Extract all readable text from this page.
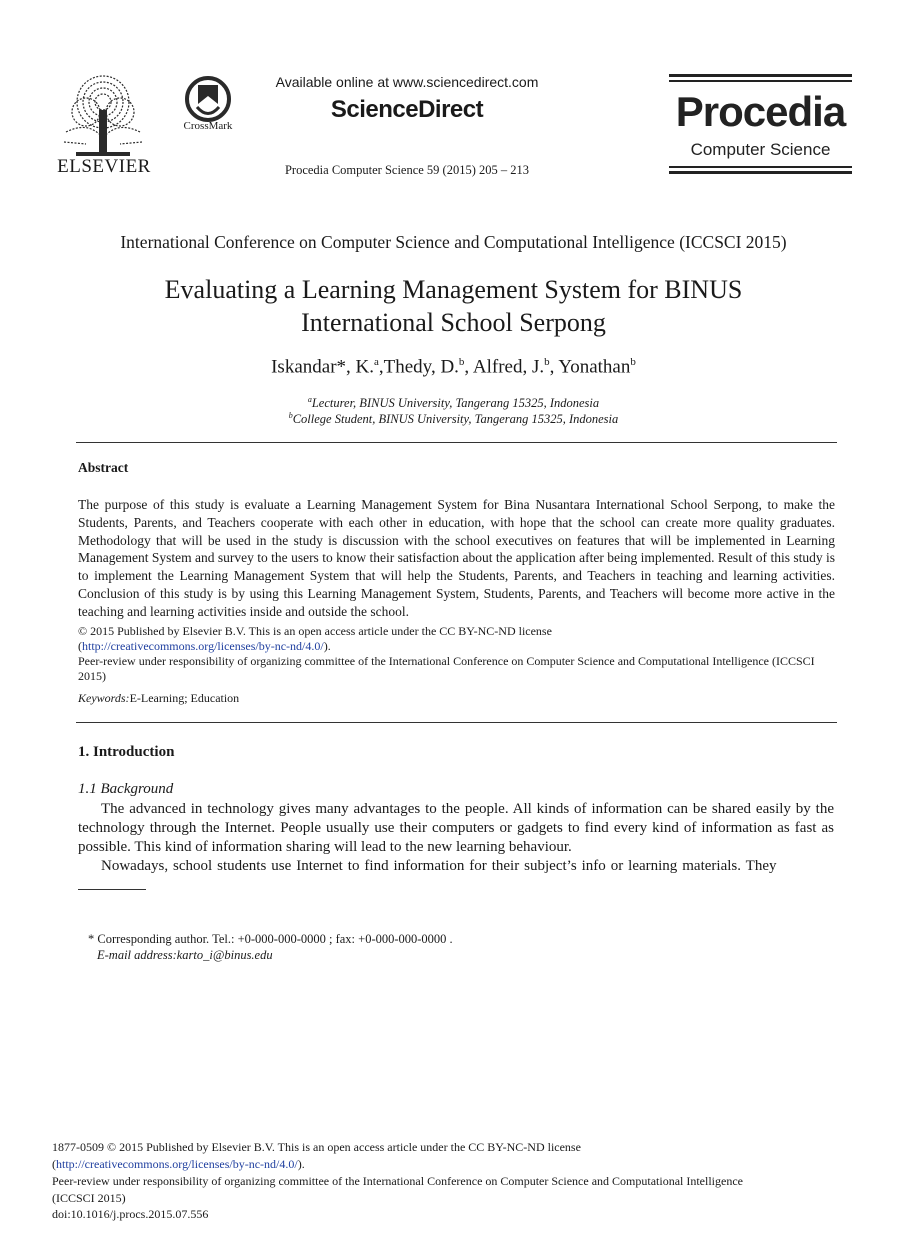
ELSEVIER
CrossMark
Available online at www.sciencedirect.com
ScienceDirect
Procedia Computer Science 59 (2015) 205 – 213
Procedia
Computer Science
International Conference on Computer Science and Computational Intelligence (ICCSCI 2015)
Evaluating a Learning Management System for BINUS
International School Serpong
Iskandar*, K.$^a$,Thedy, D.$^b$, Alfred, J.$^b$, Yonathan$^b$
$^a$Lecturer, BINUS University, Tangerang 15325, Indonesia
$^b$College Student, BINUS University, Tangerang 15325, Indonesia
Abstract
The purpose of this study is evaluate a Learning Management System for Bina Nusantara International School Serpong, to make the Students, Parents, and Teachers cooperate with each other in education, with hope that the school can create more quality graduates. Methodology that will be used in the study is discussion with the school executives on features that will be implemented in Learning Management System and survey to the users to know their satisfaction about the application after being implemented. Result of this study is to implement the Learning Management System that will help the Students, Parents, and Teachers in teaching and learning activities. Conclusion of this study is by using this Learning Management System, Students, Parents, and Teachers will become more active in the teaching and learning activities inside and outside the school.
© 2015 Published by Elsevier B.V. This is an open access article under the CC BY-NC-ND license
(http://creativecommons.org/licenses/by-nc-nd/4.0/).
Peer-review under responsibility of organizing committee of the International Conference on Computer Science and Computational Intelligence (ICCSCI 2015)
Keywords:E-Learning; Education
1. Introduction
1.1 Background
The advanced in technology gives many advantages to the people. All kinds of information can be shared easily by the technology through the Internet. People usually use their computers or gadgets to find every kind of information as fast as possible. This kind of information sharing will lead to the new learning behaviour.
Nowadays, school students use Internet to find information for their subject’s info or learning materials. They
* Corresponding author. Tel.: +0-000-000-0000 ; fax: +0-000-000-0000 .
E-mail address:karto_i@binus.edu
1877-0509 © 2015 Published by Elsevier B.V. This is an open access article under the CC BY-NC-ND license
(http://creativecommons.org/licenses/by-nc-nd/4.0/).
Peer-review under responsibility of organizing committee of the International Conference on Computer Science and Computational Intelligence (ICCSCI 2015)
doi:10.1016/j.procs.2015.07.556
